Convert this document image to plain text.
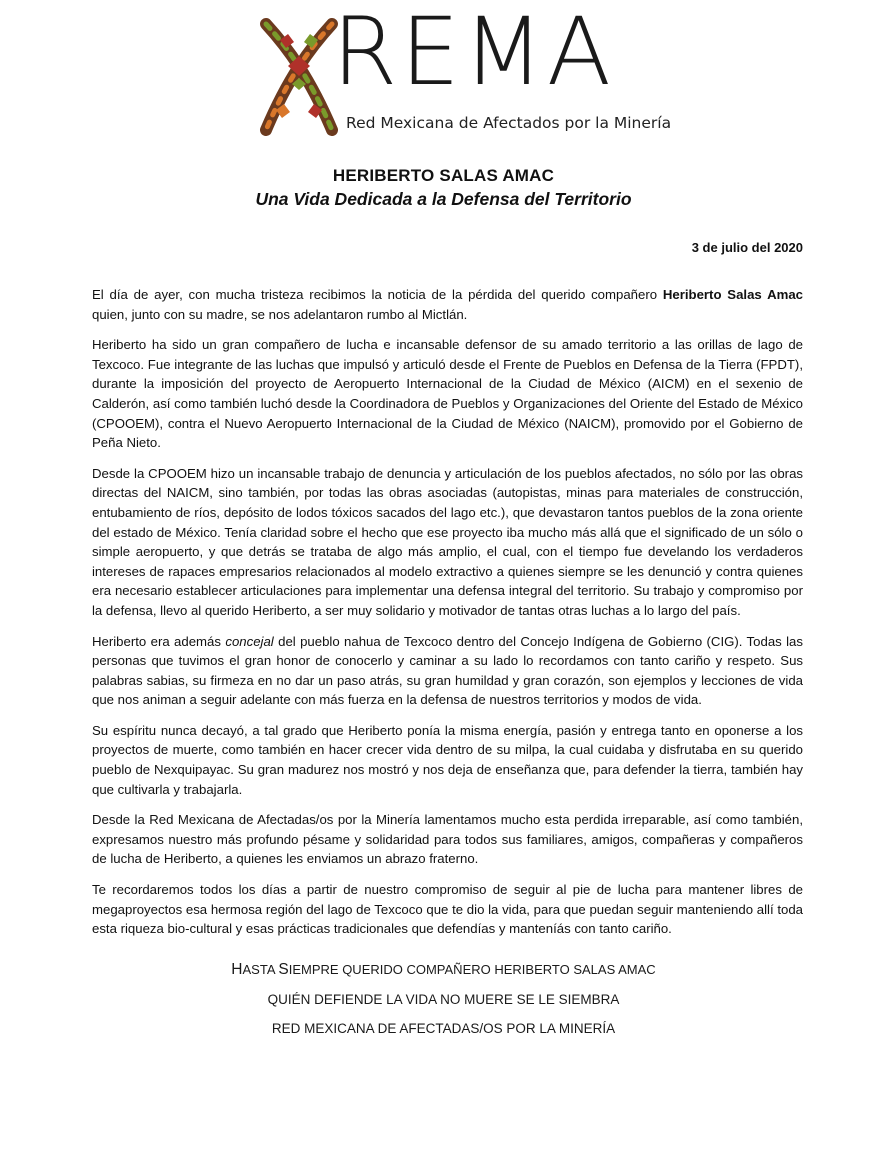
REMA
Red Mexicana de Afectados por la Minería
HERIBERTO SALAS AMAC
Una Vida Dedicada a la Defensa del Territorio
3 de julio del 2020

El día de ayer, con mucha tristeza recibimos la noticia de la pérdida del querido compañero Heriberto Salas Amac quien, junto con su madre, se nos adelantaron rumbo al Mictlán.

Heriberto ha sido un gran compañero de lucha e incansable defensor de su amado territorio a las orillas de lago de Texcoco. Fue integrante de las luchas que impulsó y articuló desde el Frente de Pueblos en Defensa de la Tierra (FPDT), durante la imposición del proyecto de Aeropuerto Internacional de la Ciudad de México (AICM) en el sexenio de Calderón, así como también luchó desde la Coordinadora de Pueblos y Organizaciones del Oriente del Estado de México (CPOOEM), contra el Nuevo Aeropuerto Internacional de la Ciudad de México (NAICM), promovido por el Gobierno de Peña Nieto.

Desde la CPOOEM hizo un incansable trabajo de denuncia y articulación de los pueblos afectados, no sólo por las obras directas del NAICM, sino también, por todas las obras asociadas (autopistas, minas para materiales de construcción, entubamiento de ríos, depósito de lodos tóxicos sacados del lago etc.), que devastaron tantos pueblos de la zona oriente del estado de México. Tenía claridad sobre el hecho que ese proyecto iba mucho más allá que el significado de un sólo o simple aeropuerto, y que detrás se trataba de algo más amplio, el cual, con el tiempo fue develando los verdaderos intereses de rapaces empresarios relacionados al modelo extractivo a quienes siempre se les denunció y contra quienes era necesario establecer articulaciones para implementar una defensa integral del territorio. Su trabajo y compromiso por la defensa, llevo al querido Heriberto, a ser muy solidario y motivador de tantas otras luchas a lo largo del país.

Heriberto era además concejal del pueblo nahua de Texcoco dentro del Concejo Indígena de Gobierno (CIG). Todas las personas que tuvimos el gran honor de conocerlo y caminar a su lado lo recordamos con tanto cariño y respeto. Sus palabras sabias, su firmeza en no dar un paso atrás, su gran humildad y gran corazón, son ejemplos y lecciones de vida que nos animan a seguir adelante con más fuerza en la defensa de nuestros territorios y modos de vida.

Su espíritu nunca decayó, a tal grado que Heriberto ponía la misma energía, pasión y entrega tanto en oponerse a los proyectos de muerte, como también en hacer crecer vida dentro de su milpa, la cual cuidaba y disfrutaba en su querido pueblo de Nexquipayac. Su gran madurez nos mostró y nos deja de enseñanza que, para defender la tierra, también hay que cultivarla y trabajarla.

Desde la Red Mexicana de Afectadas/os por la Minería lamentamos mucho esta perdida irreparable, así como también, expresamos nuestro más profundo pésame y solidaridad para todos sus familiares, amigos, compañeras y compañeros de lucha de Heriberto, a quienes les enviamos un abrazo fraterno.

Te recordaremos todos los días a partir de nuestro compromiso de seguir al pie de lucha para mantener libres de megaproyectos esa hermosa región del lago de Texcoco que te dio la vida, para que puedan seguir manteniendo allí toda esta riqueza bio-cultural y esas prácticas tradicionales que defendías y manteníás con tanto cariño.

HASTA SIEMPRE QUERIDO COMPAÑERO HERIBERTO SALAS AMAC
QUIÉN DEFIENDE LA VIDA NO MUERE SE LE SIEMBRA
RED MEXICANA DE AFECTADAS/OS POR LA MINERÍA
